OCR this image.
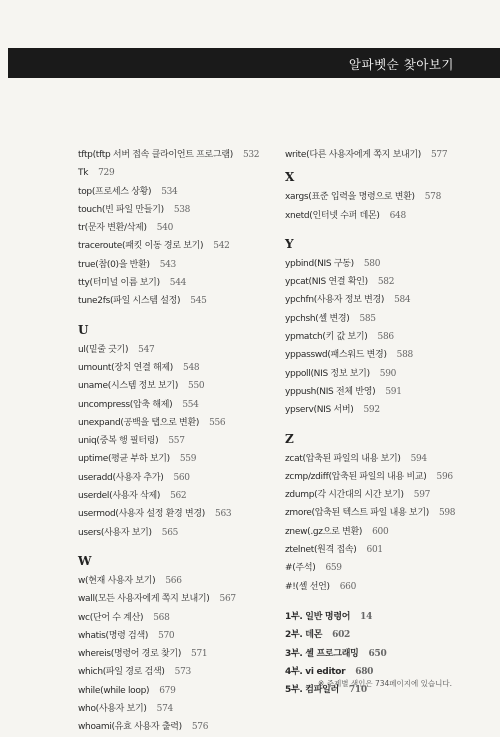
알파벳순 찾아보기
tftp(tftp 서버 접속 클라이언트 프로그램) 532
Tk 729
top(프로세스 상황) 534
touch(빈 파일 만들기) 538
tr(문자 변환/삭제) 540
traceroute(패킷 이동 경로 보기) 542
true(참(0)을 반환) 543
tty(터미널 이름 보기) 544
tune2fs(파일 시스템 설정) 545
U
ul(밑줄 긋기) 547
umount(장치 연결 해제) 548
uname(시스템 정보 보기) 550
uncompress(압축 해제) 554
unexpand(공백을 탭으로 변환) 556
uniq(중복 행 필터링) 557
uptime(평균 부하 보기) 559
useradd(사용자 추가) 560
userdel(사용자 삭제) 562
usermod(사용자 설정 환경 변경) 563
users(사용자 보기) 565
W
w(현재 사용자 보기) 566
wall(모든 사용자에게 쪽지 보내기) 567
wc(단어 수 계산) 568
whatis(명령 검색) 570
whereis(명령어 경로 찾기) 571
which(파일 경로 검색) 573
while(while loop) 679
who(사용자 보기) 574
whoami(유효 사용자 출력) 576
write(다른 사용자에게 쪽지 보내기) 577
X
xargs(표준 입력을 명령으로 변환) 578
xnetd(인터넷 수퍼 데몬) 648
Y
ypbind(NIS 구동) 580
ypcat(NIS 연결 확인) 582
ypchfn(사용자 정보 변경) 584
ypchsh(셸 변경) 585
ypmatch(키 값 보기) 586
yppasswd(패스워드 변경) 588
yppoll(NIS 정보 보기) 590
yppush(NIS 전체 반영) 591
ypserv(NIS 서버) 592
Z
zcat(압축된 파일의 내용 보기) 594
zcmp/zdiff(압축된 파일의 내용 비교) 596
zdump(각 시간대의 시간 보기) 597
zmore(압축된 텍스트 파일 내용 보기) 598
znew(.gz으로 변환) 600
ztelnet(원격 접속) 601
#(주석) 659
#!(셸 선언) 660
1부. 일반 명령어 14
2부. 데몬 602
3부. 셸 프로그래밍 650
4부. vi editor 680
5부. 컴파일러 710
※ 주제별 색인은 734페이지에 있습니다.
